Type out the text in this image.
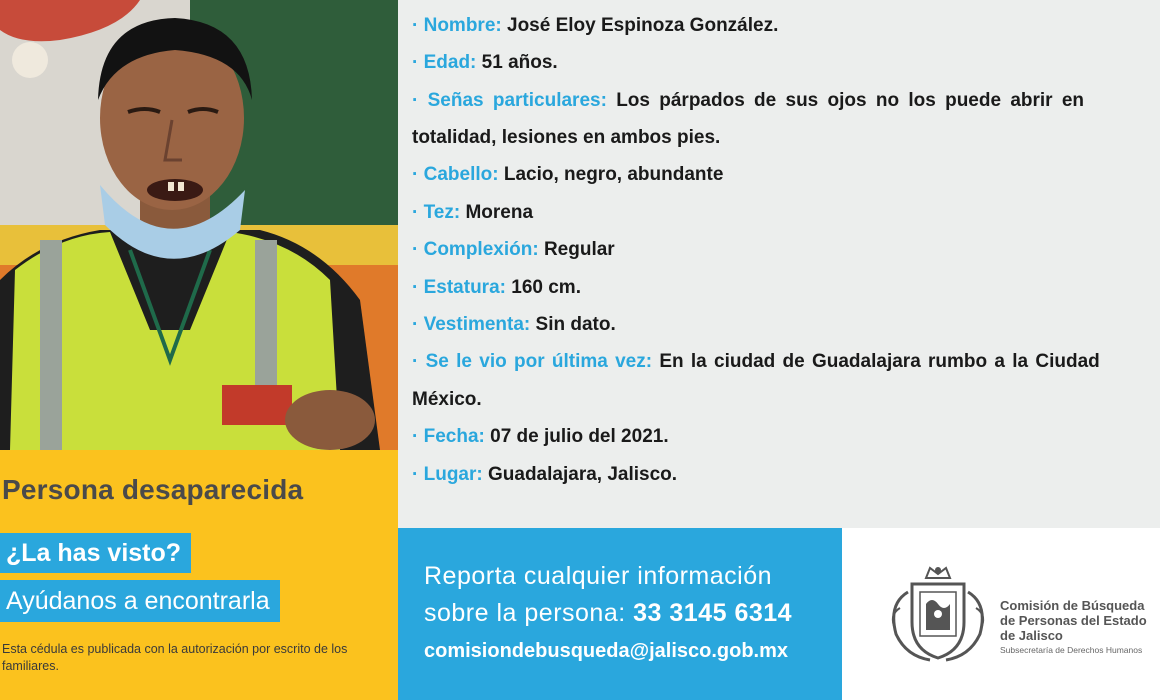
· Nombre: José Eloy Espinoza González.
· Edad: 51 años.
· Señas particulares: Los párpados de sus ojos no los puede abrir en
totalidad, lesiones en ambos pies.
· Cabello: Lacio, negro, abundante
· Tez: Morena
· Complexión: Regular
· Estatura: 160 cm.
· Vestimenta: Sin dato.
· Se le vio por última vez: En la ciudad de Guadalajara rumbo a la Ciudad
México.
· Fecha: 07 de julio del 2021.
· Lugar: Guadalajara, Jalisco.
Persona desaparecida
¿La has visto?
Ayúdanos a encontrarla
Esta cédula es publicada con la autorización por escrito de los familiares.
Reporta cualquier información
sobre la persona: 33 3145 6314
comisiondebusqueda@jalisco.gob.mx
Comisión de Búsqueda
de Personas del Estado
de Jalisco
Subsecretaría de Derechos Humanos
